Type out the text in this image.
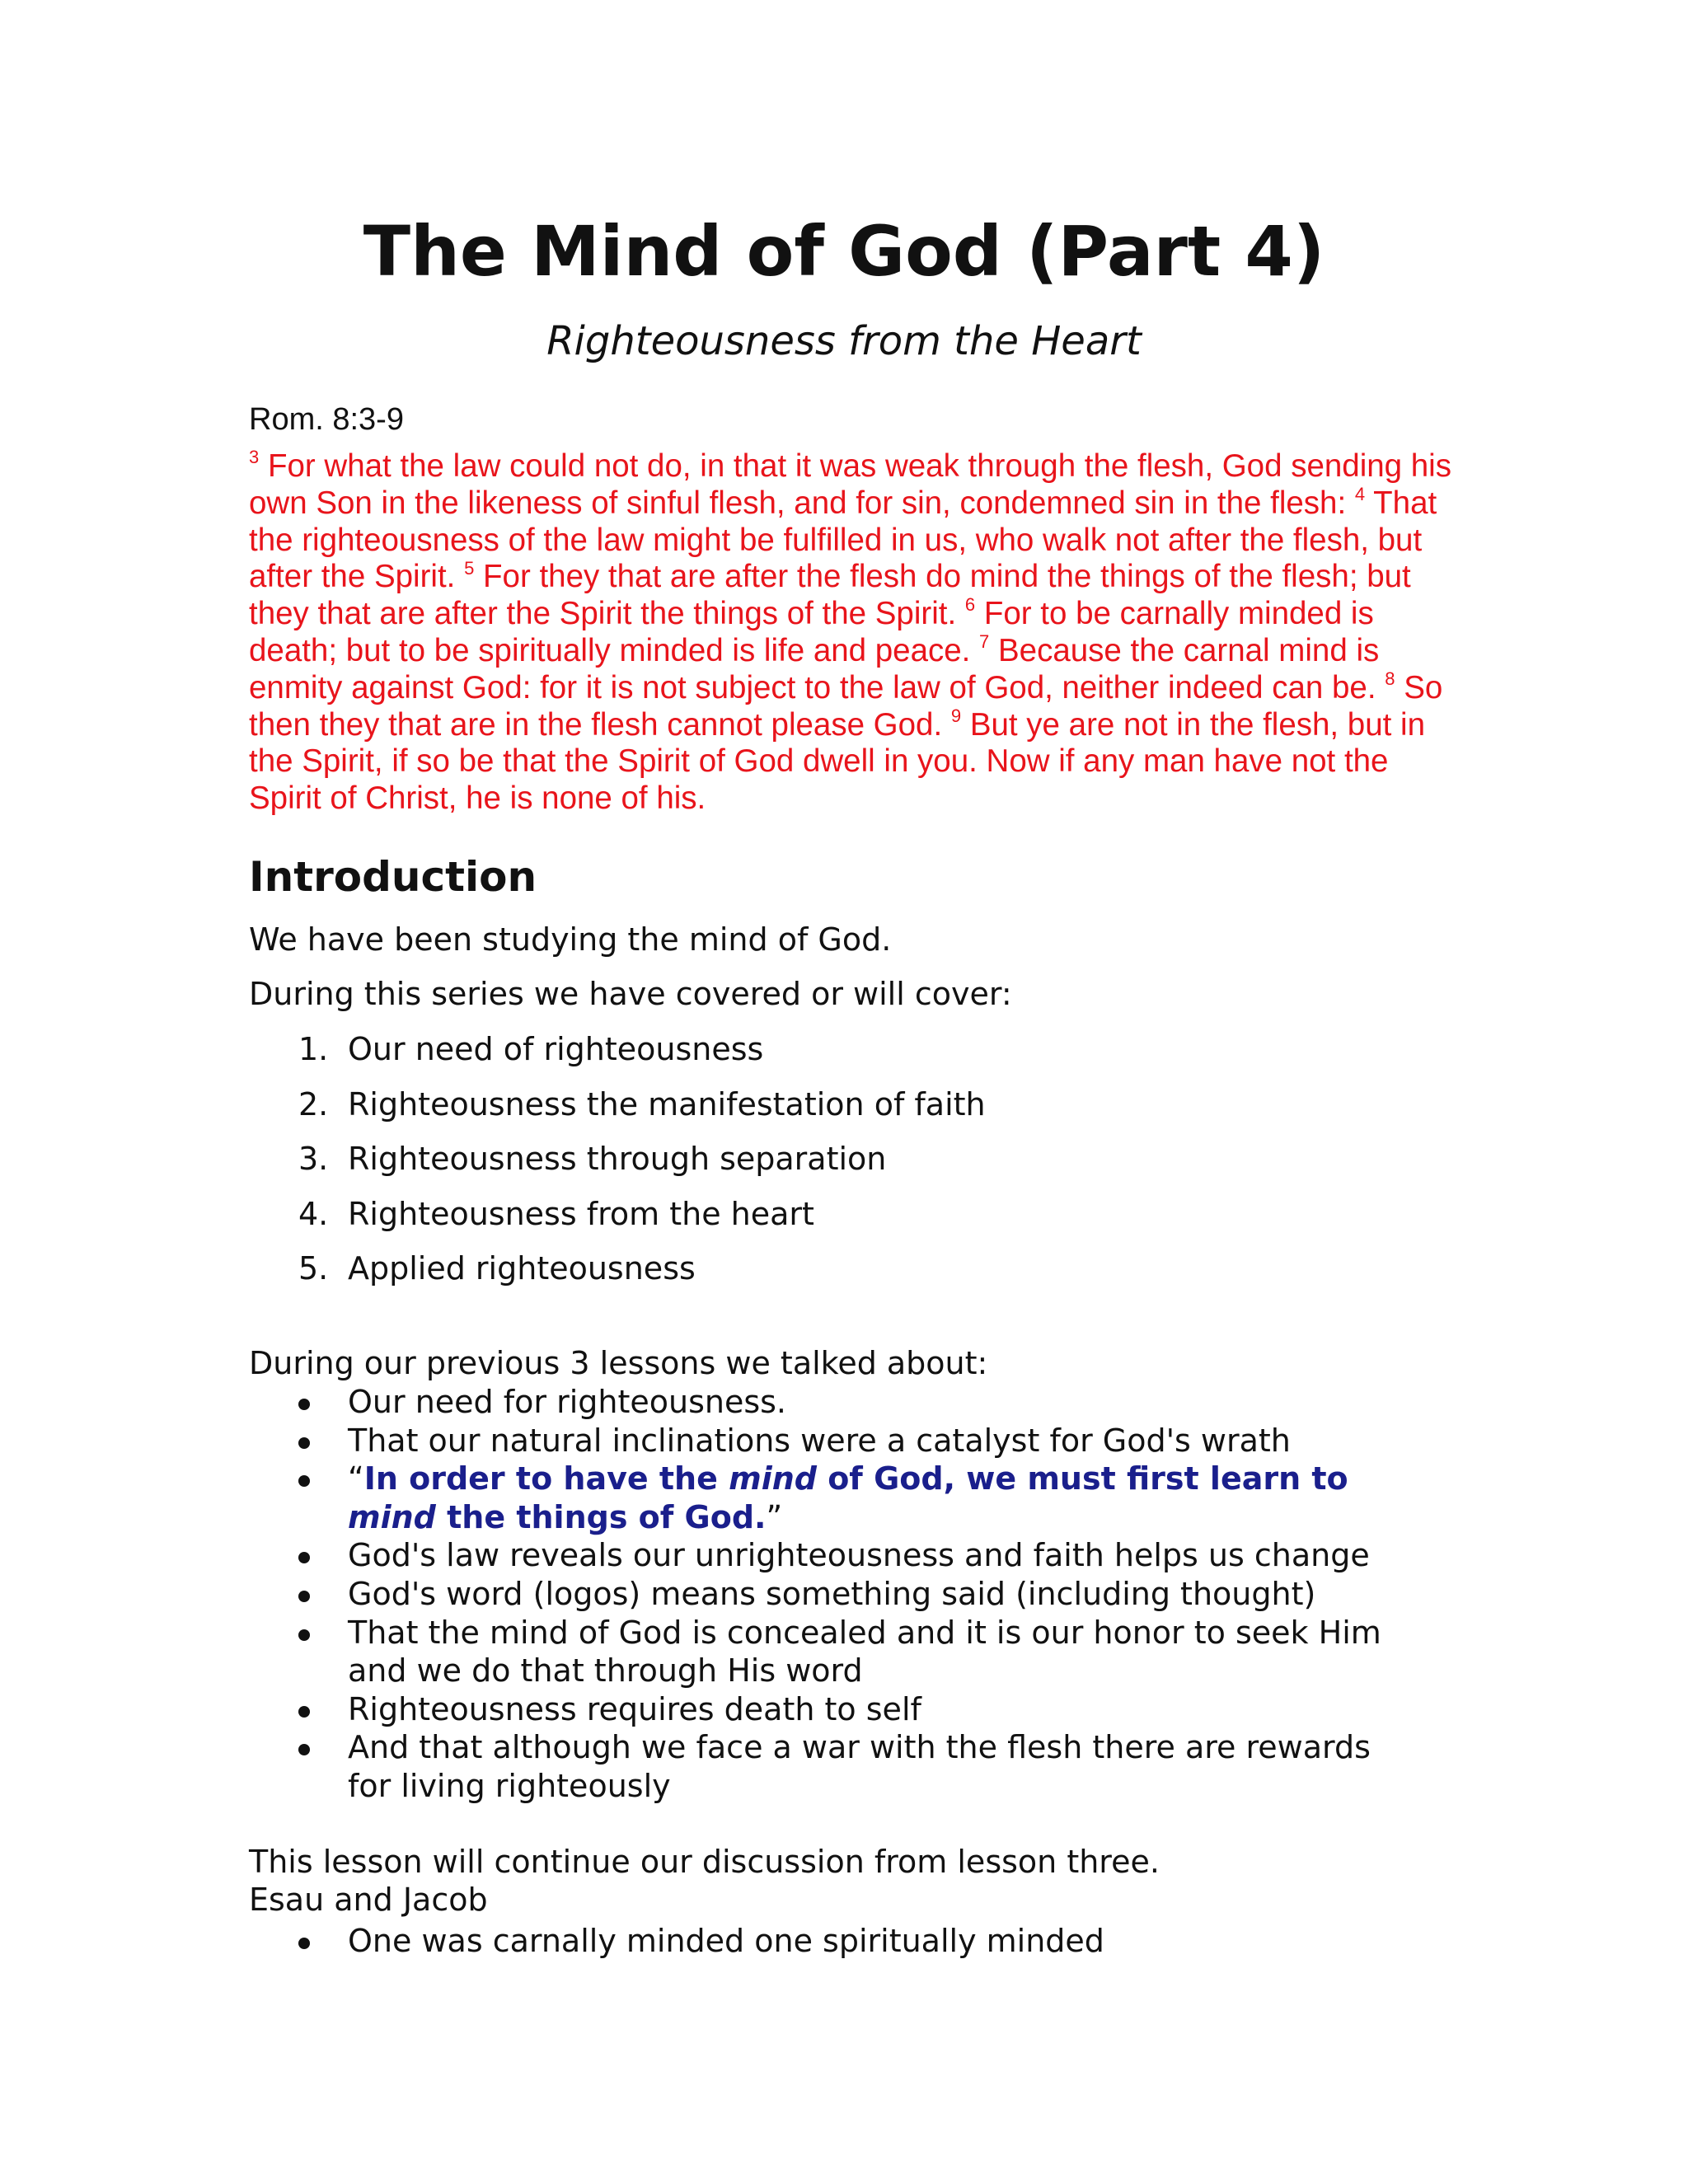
The Mind of God (Part 4)
Righteousness from the Heart
Rom. 8:3-9

$^3$ For what the law could not do, in that it was weak through the flesh, God sending his own Son in the likeness of sinful flesh, and for sin, condemned sin in the flesh: $^4$ That the righteousness of the law might be fulfilled in us, who walk not after the flesh, but after the Spirit. $^5$ For they that are after the flesh do mind the things of the flesh; but they that are after the Spirit the things of the Spirit. $^6$ For to be carnally minded is death; but to be spiritually minded is life and peace. $^7$ Because the carnal mind is enmity against God: for it is not subject to the law of God, neither indeed can be. $^8$ So then they that are in the flesh cannot please God. $^9$ But ye are not in the flesh, but in the Spirit, if so be that the Spirit of God dwell in you. Now if any man have not the Spirit of Christ, he is none of his.

Introduction

We have been studying the mind of God.

During this series we have covered or will cover:

1. Our need of righteousness
2. Righteousness the manifestation of faith
3. Righteousness through separation
4. Righteousness from the heart
5. Applied righteousness

During our previous 3 lessons we talked about:

Our need for righteousness.
That our natural inclinations were a catalyst for God's wrath
“In order to have the mind of God, we must first learn to mind the things of God.”
God's law reveals our unrighteousness and faith helps us change
God's word (logos) means something said (including thought)
That the mind of God is concealed and it is our honor to seek Him and we do that through His word
Righteousness requires death to self
And that although we face a war with the flesh there are rewards for living righteously

This lesson will continue our discussion from lesson three.

Esau and Jacob

One was carnally minded one spiritually minded
